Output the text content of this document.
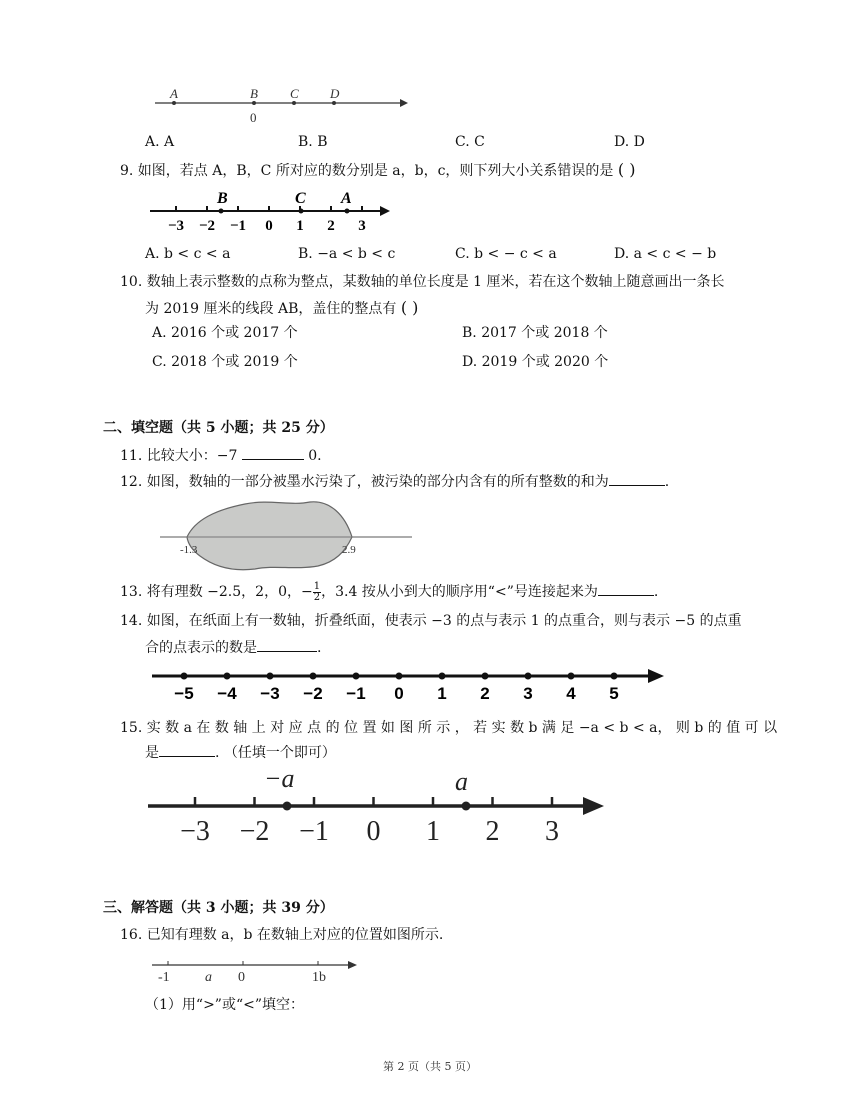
A	B C D
0
A. A	B. B	C. C	D. D
9. 如图，若点 A，B，C 所对应的数分别是 a，b，c，则下列大小关系错误的是 ( )
−3 −2 −1 0 1 2 3
B	C A
A. b < c < a	B. −a < b < c	C. b < − c < a	D. a < c < − b
10. 数轴上表示整数的点称为整点，某数轴的单位长度是 1 厘米，若在这个数轴上随意画出一条长
为 2019 厘米的线段 AB，盖住的整点有 ( )
A. 2016 个或 2017 个	B. 2017 个或 2018 个
C. 2018 个或 2019 个	D. 2019 个或 2020 个
二、填空题（共 5 小题；共 25 分）
11. 比较大小：−7	0.
12. 如图，数轴的一部分被墨水污染了，被污染的部分内含有的所有整数的和为	.
-1.3	2.9
13. 将有理数 −2.5，2，0，− $\frac{1}{2}$ ，3.4 按从小到大的顺序用“<”号连接起来为	.
14. 如图，在纸面上有一数轴，折叠纸面，使表示 −3 的点与表示 1 的点重合，则与表示 −5 的点重
合的点表示的数是	.
−5 −4 −3 −2 −1 0 1 2 3 4 5
15. 实 数 a 在 数 轴 上 对 应 点 的 位 置 如 图 所 示 ， 若 实 数 b 满 足 −a < b < a， 则 b 的 值 可 以
是	. （任填一个即可）
−3 −2 −1 0 1 2 3
−a	a
三、解答题（共 3 小题；共 39 分）
16. 已知有理数 a，b 在数轴上对应的位置如图所示.
-1	a 0	1b
（1）用“>”或“<”填空：
第 2 页（共 5 页）
